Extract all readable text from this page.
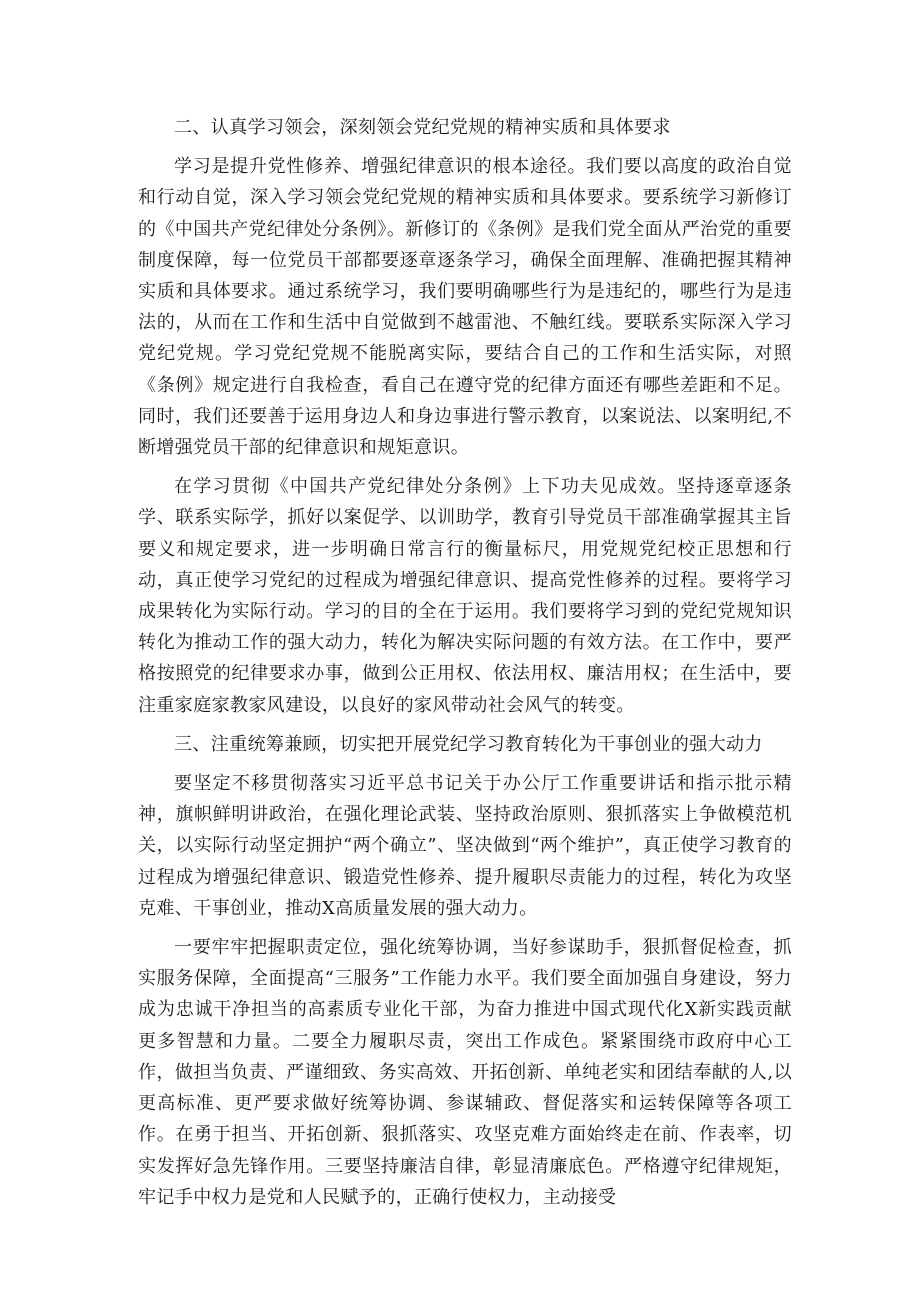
二、认真学习领会，深刻领会党纪党规的精神实质和具体要求

学习是提升党性修养、增强纪律意识的根本途径。我们要以高度的政治自觉和行动自觉，深入学习领会党纪党规的精神实质和具体要求。要系统学习新修订的《中国共产党纪律处分条例》。新修订的《条例》是我们党全面从严治党的重要制度保障，每一位党员干部都要逐章逐条学习，确保全面理解、准确把握其精神实质和具体要求。通过系统学习，我们要明确哪些行为是违纪的，哪些行为是违法的，从而在工作和生活中自觉做到不越雷池、不触红线。要联系实际深入学习党纪党规。学习党纪党规不能脱离实际，要结合自己的工作和生活实际，对照《条例》规定进行自我检查，看自己在遵守党的纪律方面还有哪些差距和不足。同时，我们还要善于运用身边人和身边事进行警示教育，以案说法、以案明纪,不断增强党员干部的纪律意识和规矩意识。

在学习贯彻《中国共产党纪律处分条例》上下功夫见成效。坚持逐章逐条学、联系实际学，抓好以案促学、以训助学，教育引导党员干部准确掌握其主旨要义和规定要求，进一步明确日常言行的衡量标尺，用党规党纪校正思想和行动，真正使学习党纪的过程成为增强纪律意识、提高党性修养的过程。要将学习成果转化为实际行动。学习的目的全在于运用。我们要将学习到的党纪党规知识转化为推动工作的强大动力，转化为解决实际问题的有效方法。在工作中，要严格按照党的纪律要求办事，做到公正用权、依法用权、廉洁用权；在生活中，要注重家庭家教家风建设，以良好的家风带动社会风气的转变。

三、注重统筹兼顾，切实把开展党纪学习教育转化为干事创业的强大动力

要坚定不移贯彻落实习近平总书记关于办公厅工作重要讲话和指示批示精神，旗帜鲜明讲政治，在强化理论武装、坚持政治原则、狠抓落实上争做模范机关，以实际行动坚定拥护“两个确立”、坚决做到“两个维护”，真正使学习教育的过程成为增强纪律意识、锻造党性修养、提升履职尽责能力的过程，转化为攻坚克难、干事创业，推动X高质量发展的强大动力。

一要牢牢把握职责定位，强化统筹协调，当好参谋助手，狠抓督促检查，抓实服务保障，全面提高“三服务”工作能力水平。我们要全面加强自身建设，努力成为忠诚干净担当的高素质专业化干部，为奋力推进中国式现代化X新实践贡献更多智慧和力量。二要全力履职尽责，突出工作成色。紧紧围绕市政府中心工作，做担当负责、严谨细致、务实高效、开拓创新、单纯老实和团结奉献的人,以更高标准、更严要求做好统筹协调、参谋辅政、督促落实和运转保障等各项工作。在勇于担当、开拓创新、狠抓落实、攻坚克难方面始终走在前、作表率，切实发挥好急先锋作用。三要坚持廉洁自律，彰显清廉底色。严格遵守纪律规矩，牢记手中权力是党和人民赋予的，正确行使权力，主动接受
